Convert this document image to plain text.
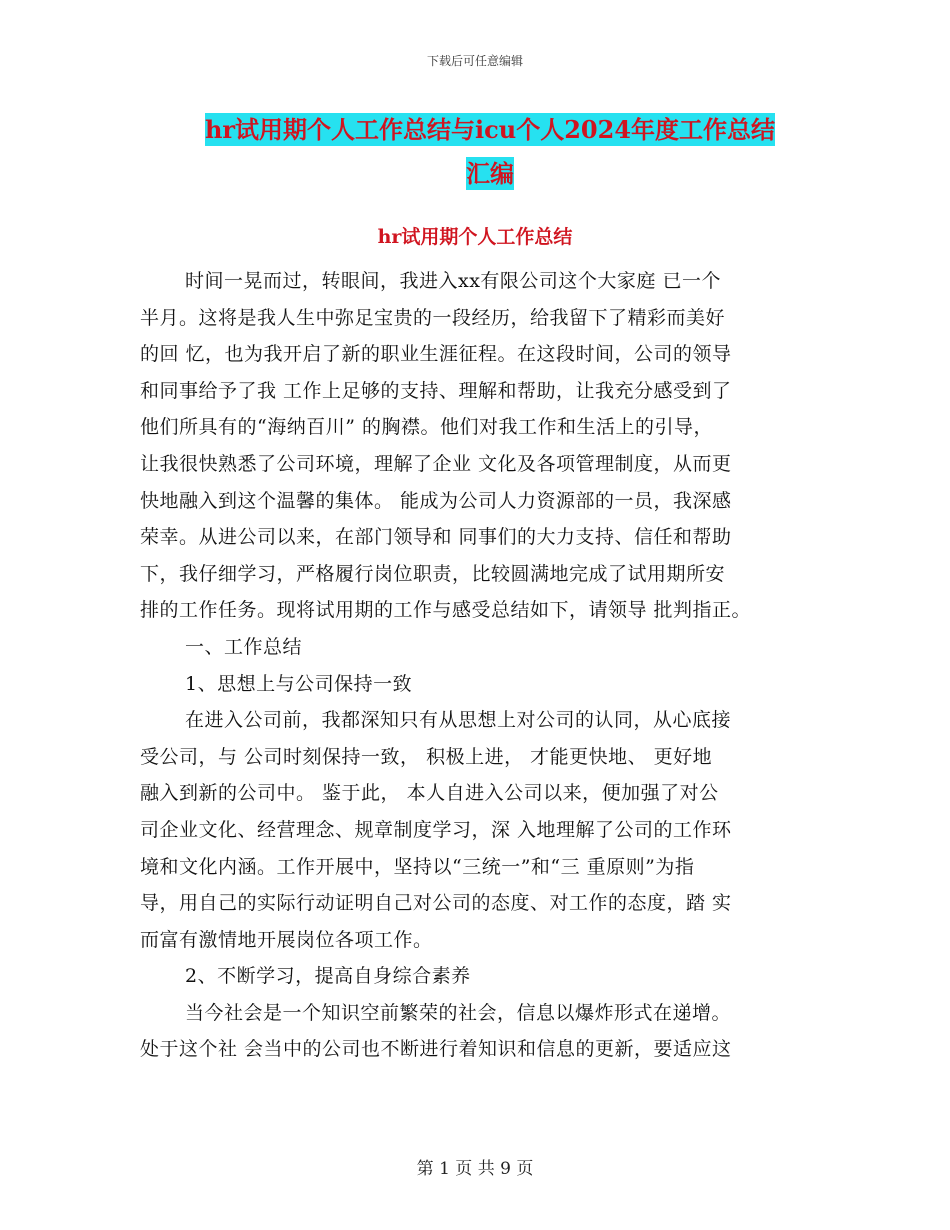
下载后可任意编辑
hr试用期个人工作总结与icu个人2024年度工作总结
汇编
hr试用期个人工作总结
时间一晃而过，转眼间，我进入xx有限公司这个大家庭 已一个
半月。这将是我人生中弥足宝贵的一段经历，给我留下了精彩而美好
的回 忆，也为我开启了新的职业生涯征程。在这段时间，公司的领导
和同事给予了我 工作上足够的支持、理解和帮助，让我充分感受到了
他们所具有的“海纳百川” 的胸襟。他们对我工作和生活上的引导，
让我很快熟悉了公司环境，理解了企业 文化及各项管理制度，从而更
快地融入到这个温馨的集体。 能成为公司人力资源部的一员，我深感
荣幸。从进公司以来，在部门领导和 同事们的大力支持、信任和帮助
下，我仔细学习，严格履行岗位职责，比较圆满地完成了试用期所安
排的工作任务。现将试用期的工作与感受总结如下，请领导 批判指正。
一、工作总结
1、思想上与公司保持一致
在进入公司前，我都深知只有从思想上对公司的认同，从心底接
受公司，与 公司时刻保持一致， 积极上进， 才能更快地、 更好地
融入到新的公司中。 鉴于此， 本人自进入公司以来，便加强了对公
司企业文化、经营理念、规章制度学习，深 入地理解了公司的工作环
境和文化内涵。工作开展中，坚持以“三统一”和“三 重原则”为指
导，用自己的实际行动证明自己对公司的态度、对工作的态度，踏 实
而富有激情地开展岗位各项工作。
2、不断学习，提高自身综合素养
当今社会是一个知识空前繁荣的社会，信息以爆炸形式在递增。
处于这个社 会当中的公司也不断进行着知识和信息的更新，要适应这
第 1 页 共 9 页
